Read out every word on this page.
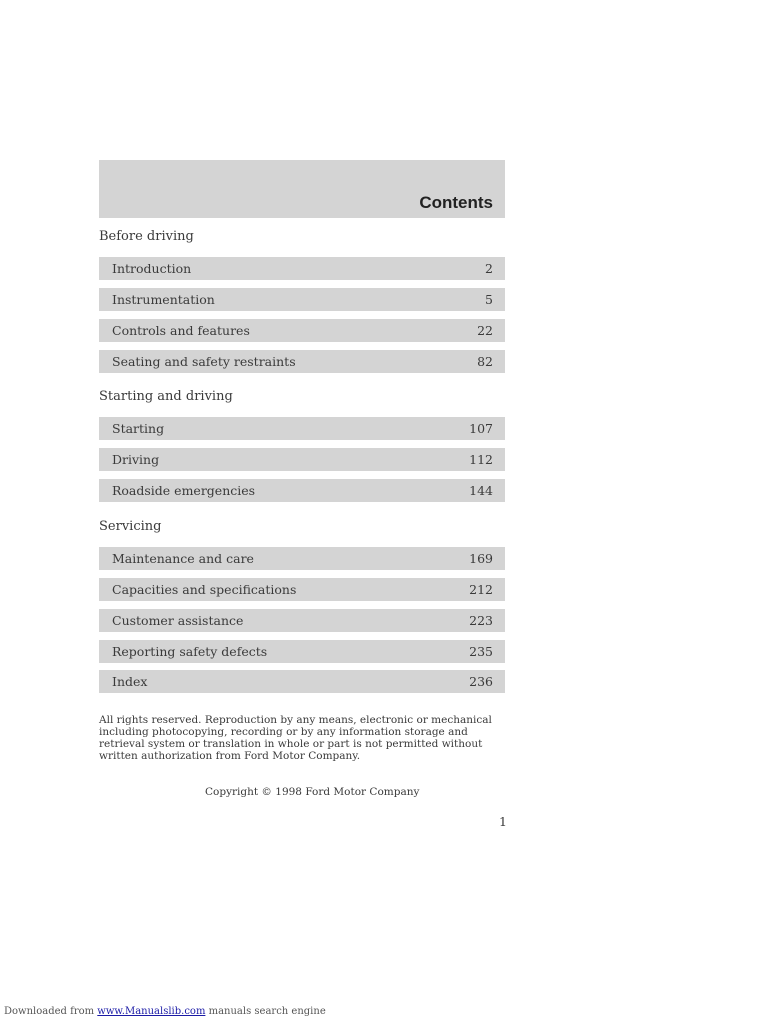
Contents
Before driving
Introduction	2
Instrumentation	5
Controls and features	22
Seating and safety restraints	82
Starting and driving
Starting	107
Driving	112
Roadside emergencies	144
Servicing
Maintenance and care	169
Capacities and specifications	212
Customer assistance	223
Reporting safety defects	235
Index	236
All rights reserved. Reproduction by any means, electronic or mechanical including photocopying, recording or by any information storage and retrieval system or translation in whole or part is not permitted without written authorization from Ford Motor Company.
Copyright © 1998 Ford Motor Company
1
Downloaded from www.Manualslib.com manuals search engine
